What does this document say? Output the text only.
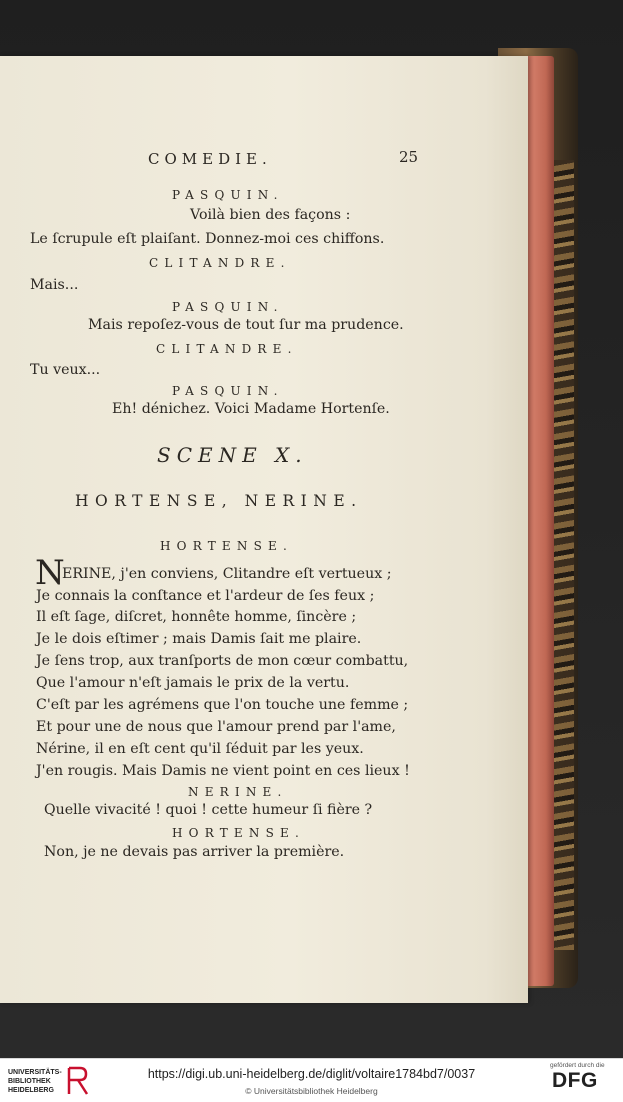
COMEDIE.	25
PASQUIN.
Voilà bien des façons :
Le ſcrupule eſt plaiſant. Donnez-moi ces chiffons.
CLITANDRE.
Mais...
PASQUIN.
Mais repoſez-vous de tout ſur ma prudence.
CLITANDRE.
Tu veux...
PASQUIN.
Eh! dénichez. Voici Madame Hortenſe.
SCENE X.
HORTENSE, NERINE.
HORTENSE.
N
ERINE, j'en conviens, Clitandre eſt vertueux ;
Je connais la conſtance et l'ardeur de ſes feux ;
Il eſt ſage, diſcret, honnête homme, ſincère ;
Je le dois eſtimer ; mais Damis ſait me plaire.
Je ſens trop, aux tranſports de mon cœur combattu,
Que l'amour n'eſt jamais le prix de la vertu.
C'eſt par les agrémens que l'on touche une femme ;
Et pour une de nous que l'amour prend par l'ame,
Nérine, il en eſt cent qu'il ſéduit par les yeux.
J'en rougis. Mais Damis ne vient point en ces lieux !
NERINE.
Quelle vivacité ! quoi ! cette humeur ſi fière ?
HORTENSE.
Non, je ne devais pas arriver la première.
UNIVERSITÄTS-
BIBLIOTHEK
HEIDELBERG
https://digi.ub.uni-heidelberg.de/diglit/voltaire1784bd7/0037
© Universitätsbibliothek Heidelberg
gefördert durch die
DFG
